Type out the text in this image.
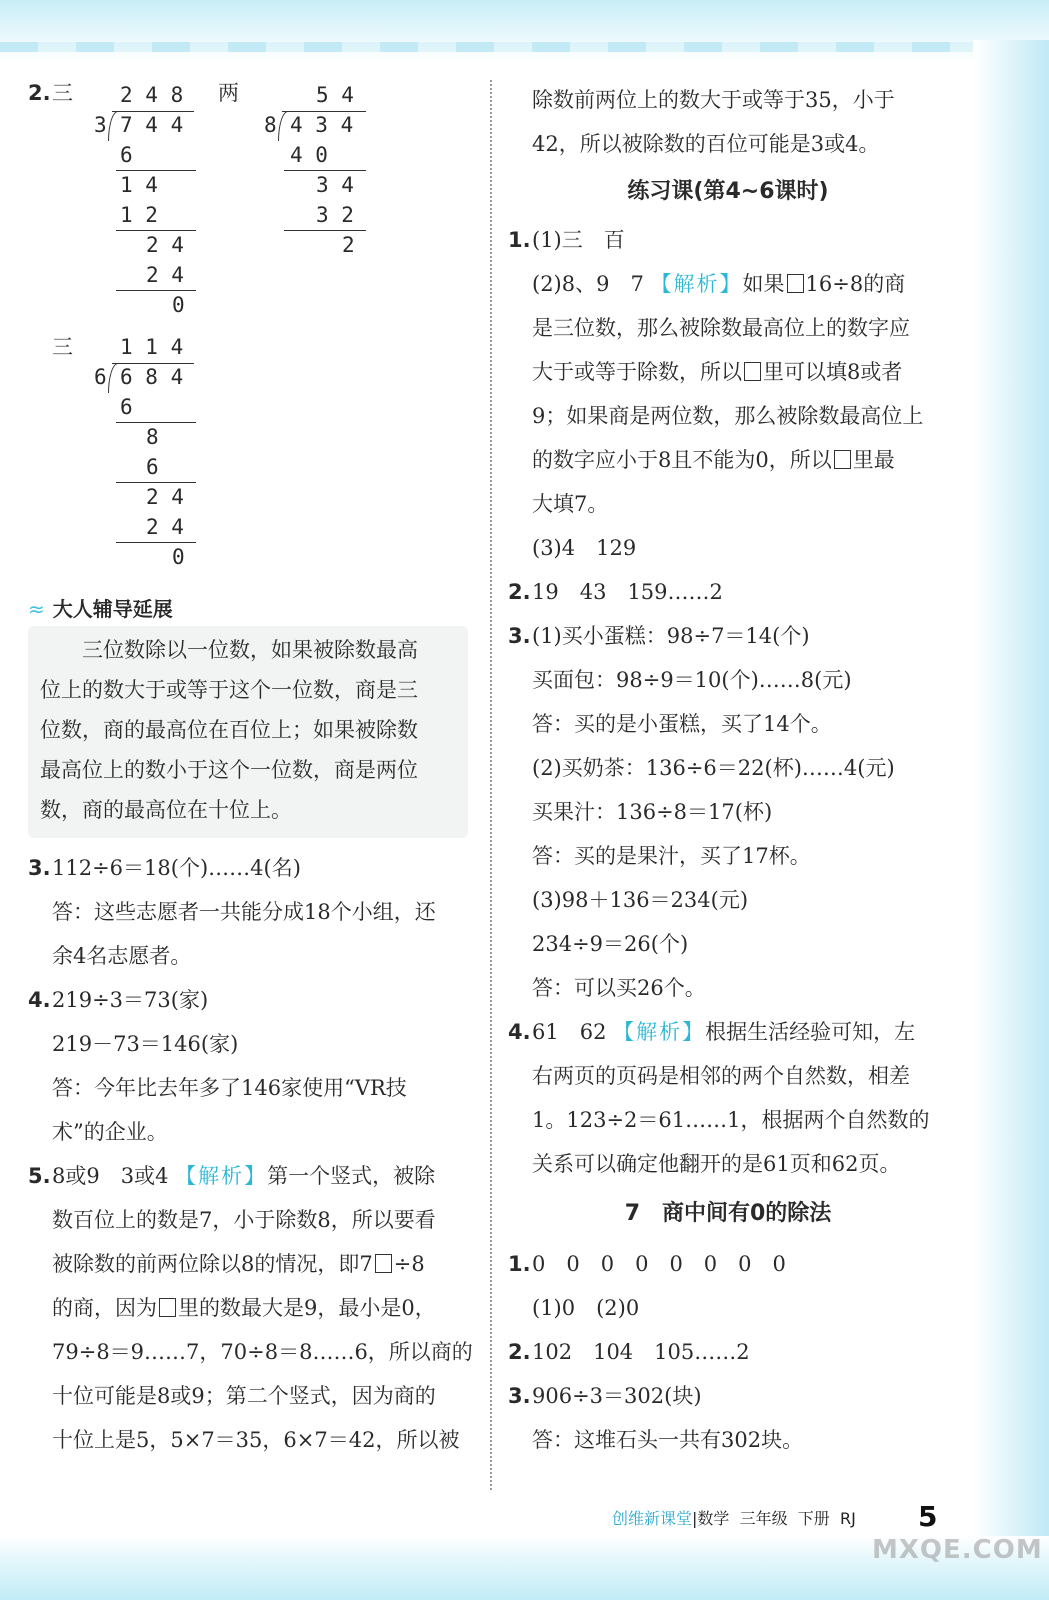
2. 三	两
2 4 8
3 7 4 4
6
1 4
1 2
2 4
2 4
0
5 4
8 4 3 4
4 0
3 4
3 2
2
三 1 1 4
6 6 8 4
6
8
6
2 4
2 4
0
≈ 大人辅导延展
三位数除以一位数，如果被除数最高
位上的数大于或等于这个一位数，商是三
位数，商的最高位在百位上；如果被除数
最高位上的数小于这个一位数，商是两位
数，商的最高位在十位上。
3.112÷6＝18(个)……4(名)
答：这些志愿者一共能分成18个小组，还
余4名志愿者。
4.219÷3＝73(家)
219－73＝146(家)
答：今年比去年多了146家使用“VR技
术”的企业。
5.8或9　3或4 【解析】第一个竖式，被除
数百位上的数是7，小于除数8，所以要看
被除数的前两位除以8的情况，即7 ÷8
的商，因为 里的数最大是9，最小是0，
79÷8＝9……7，70÷8＝8……6，所以商的
十位可能是8或9；第二个竖式，因为商的
十位上是5，5×7＝35，6×7＝42，所以被
除数前两位上的数大于或等于35，小于
42，所以被除数的百位可能是3或4。
练习课(第4~6课时)
1.(1)三　百
(2)8、9　7 【解析】如果 16÷8的商
是三位数，那么被除数最高位上的数字应
大于或等于除数，所以 里可以填8或者
9；如果商是两位数，那么被除数最高位上
的数字应小于8且不能为0，所以 里最
大填7。
(3)4　129
2.19　43　159……2
3.(1)买小蛋糕：98÷7＝14(个)
买面包：98÷9＝10(个)……8(元)
答：买的是小蛋糕，买了14个。
(2)买奶茶：136÷6＝22(杯)……4(元)
买果汁：136÷8＝17(杯)
答：买的是果汁，买了17杯。
(3)98＋136＝234(元)
234÷9＝26(个)
答：可以买26个。
4.61　62 【解析】根据生活经验可知，左
右两页的页码是相邻的两个自然数，相差
1。123÷2＝61……1，根据两个自然数的
关系可以确定他翻开的是61页和62页。
7　商中间有0的除法
1.0　0　0　0　0　0　0　0
(1)0　(2)0
2.102　104　105……2
3.906÷3＝302(块)
答：这堆石头一共有302块。
创维新课堂|数学 三年级 下册 RJ 5
MXQE.COM
